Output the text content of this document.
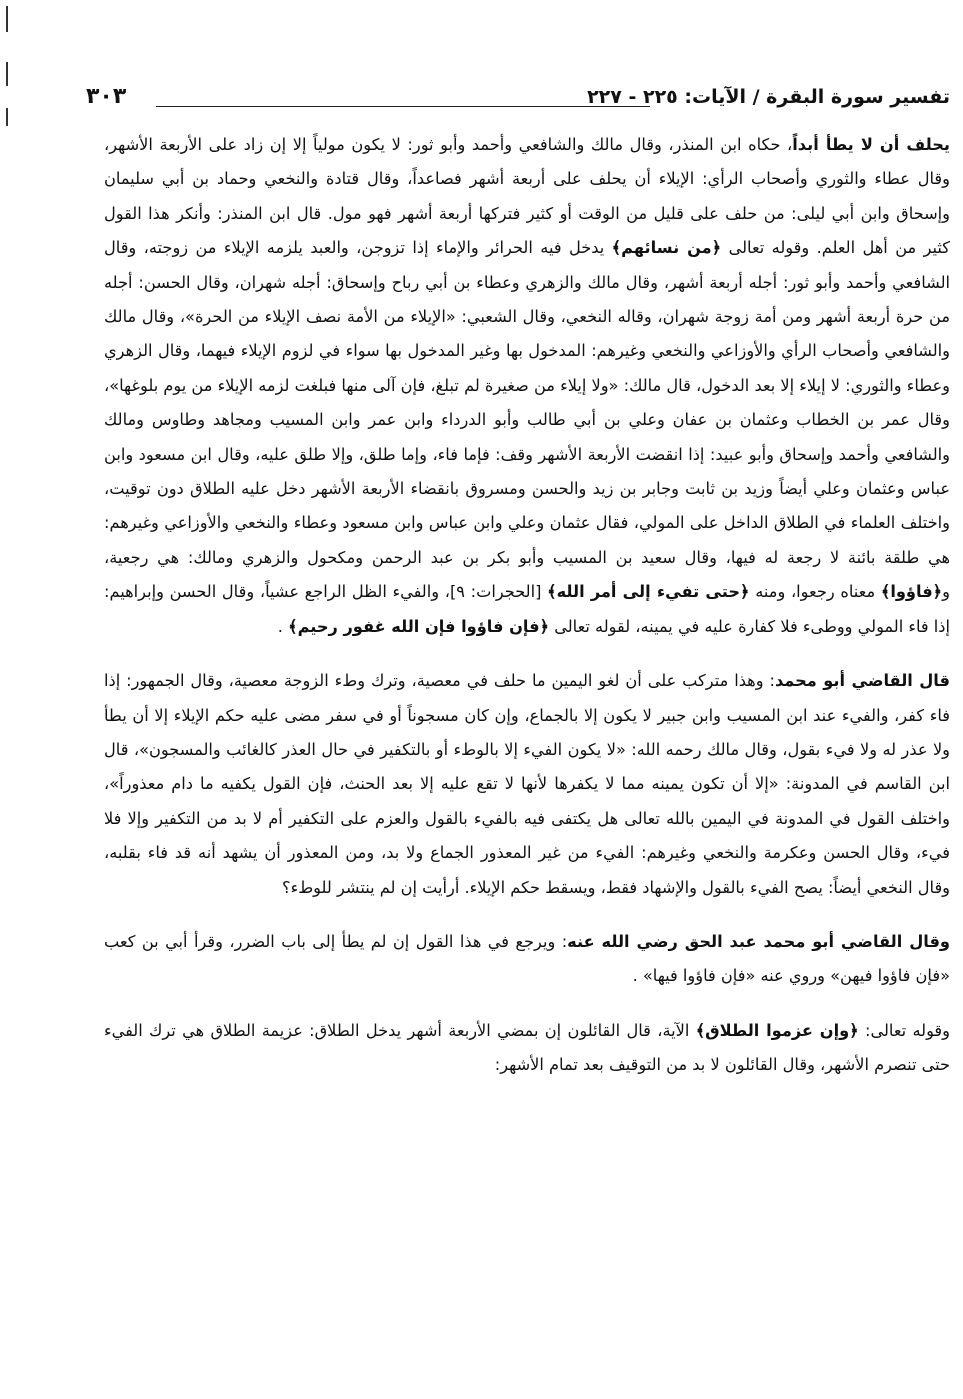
تفسير سورة البقرة / الآيات: ٢٢٥ - ٢٢٧
٣٠٣

يحلف أن لا يطأ أبداً، حكاه ابن المنذر، وقال مالك والشافعي وأحمد وأبو ثور: لا يكون مولياً إلا إن زاد على الأربعة الأشهر، وقال عطاء والثوري وأصحاب الرأي: الإيلاء أن يحلف على أربعة أشهر فصاعداً، وقال قتادة والنخعي وحماد بن أبي سليمان وإسحاق وابن أبي ليلى: من حلف على قليل من الوقت أو كثير فتركها أربعة أشهر فهو مول. قال ابن المنذر: وأنكر هذا القول كثير من أهل العلم. وقوله تعالى ﴿من نسائهم﴾ يدخل فيه الحرائر والإماء إذا تزوجن، والعبد يلزمه الإيلاء من زوجته، وقال الشافعي وأحمد وأبو ثور: أجله أربعة أشهر، وقال مالك والزهري وعطاء بن أبي رباح وإسحاق: أجله شهران، وقال الحسن: أجله من حرة أربعة أشهر ومن أمة زوجة شهران، وقاله النخعي، وقال الشعبي: «الإيلاء من الأمة نصف الإيلاء من الحرة»، وقال مالك والشافعي وأصحاب الرأي والأوزاعي والنخعي وغيرهم: المدخول بها وغير المدخول بها سواء في لزوم الإيلاء فيهما، وقال الزهري وعطاء والثوري: لا إيلاء إلا بعد الدخول، قال مالك: «ولا إيلاء من صغيرة لم تبلغ، فإن آلى منها فبلغت لزمه الإيلاء من يوم بلوغها»، وقال عمر بن الخطاب وعثمان بن عفان وعلي بن أبي طالب وأبو الدرداء وابن عمر وابن المسيب ومجاهد وطاوس ومالك والشافعي وأحمد وإسحاق وأبو عبيد: إذا انقضت الأربعة الأشهر وقف: فإما فاء، وإما طلق، وإلا طلق عليه، وقال ابن مسعود وابن عباس وعثمان وعلي أيضاً وزيد بن ثابت وجابر بن زيد والحسن ومسروق بانقضاء الأربعة الأشهر دخل عليه الطلاق دون توقيت، واختلف العلماء في الطلاق الداخل على المولي، فقال عثمان وعلي وابن عباس وابن مسعود وعطاء والنخعي والأوزاعي وغيرهم: هي طلقة بائنة لا رجعة له فيها، وقال سعيد بن المسيب وأبو بكر بن عبد الرحمن ومكحول والزهري ومالك: هي رجعية، و﴿فاؤوا﴾ معناه رجعوا، ومنه ﴿حتى تفيء إلى أمر الله﴾ [الحجرات: ٩]، والفيء الظل الراجع عشياً، وقال الحسن وإبراهيم: إذا فاء المولي ووطىء فلا كفارة عليه في يمينه، لقوله تعالى ﴿فإن فاؤوا فإن الله غفور رحيم﴾ .

قال القاضي أبو محمد: وهذا متركب على أن لغو اليمين ما حلف في معصية، وترك وطء الزوجة معصية، وقال الجمهور: إذا فاء كفر، والفيء عند ابن المسيب وابن جبير لا يكون إلا بالجماع، وإن كان مسجوناً أو في سفر مضى عليه حكم الإيلاء إلا أن يطأ ولا عذر له ولا فيء بقول، وقال مالك رحمه الله: «لا يكون الفيء إلا بالوطء أو بالتكفير في حال العذر كالغائب والمسجون»، قال ابن القاسم في المدونة: «إلا أن تكون يمينه مما لا يكفرها لأنها لا تقع عليه إلا بعد الحنث، فإن القول يكفيه ما دام معذوراً»، واختلف القول في المدونة في اليمين بالله تعالى هل يكتفى فيه بالفيء بالقول والعزم على التكفير أم لا بد من التكفير وإلا فلا فيء، وقال الحسن وعكرمة والنخعي وغيرهم: الفيء من غير المعذور الجماع ولا بد، ومن المعذور أن يشهد أنه قد فاء بقلبه، وقال النخعي أيضاً: يصح الفيء بالقول والإشهاد فقط، ويسقط حكم الإيلاء. أرأيت إن لم ينتشر للوطء؟

وقال القاضي أبو محمد عبد الحق رضي الله عنه: ويرجع في هذا القول إن لم يطأ إلى باب الضرر، وقرأ أبي بن كعب «فإن فاؤوا فيهن» وروي عنه «فإن فاؤوا فيها» .

وقوله تعالى: ﴿وإن عزموا الطلاق﴾ الآية، قال القائلون إن بمضي الأربعة أشهر يدخل الطلاق: عزيمة الطلاق هي ترك الفيء حتى تنصرم الأشهر، وقال القائلون لا بد من التوقيف بعد تمام الأشهر:
